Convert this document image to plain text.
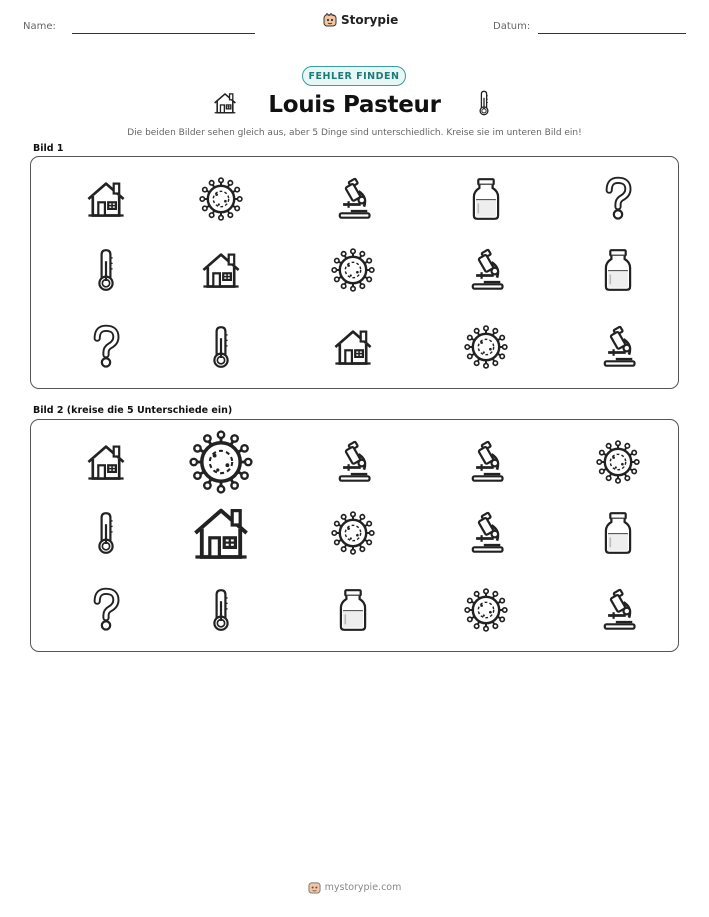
Name:	Storypie	Datum:
FEHLER FINDEN
Louis Pasteur
Die beiden Bilder sehen gleich aus, aber 5 Dinge sind unterschiedlich. Kreise sie im unteren Bild ein!
Bild 1
Bild 2 (kreise die 5 Unterschiede ein)
mystorypie.com
